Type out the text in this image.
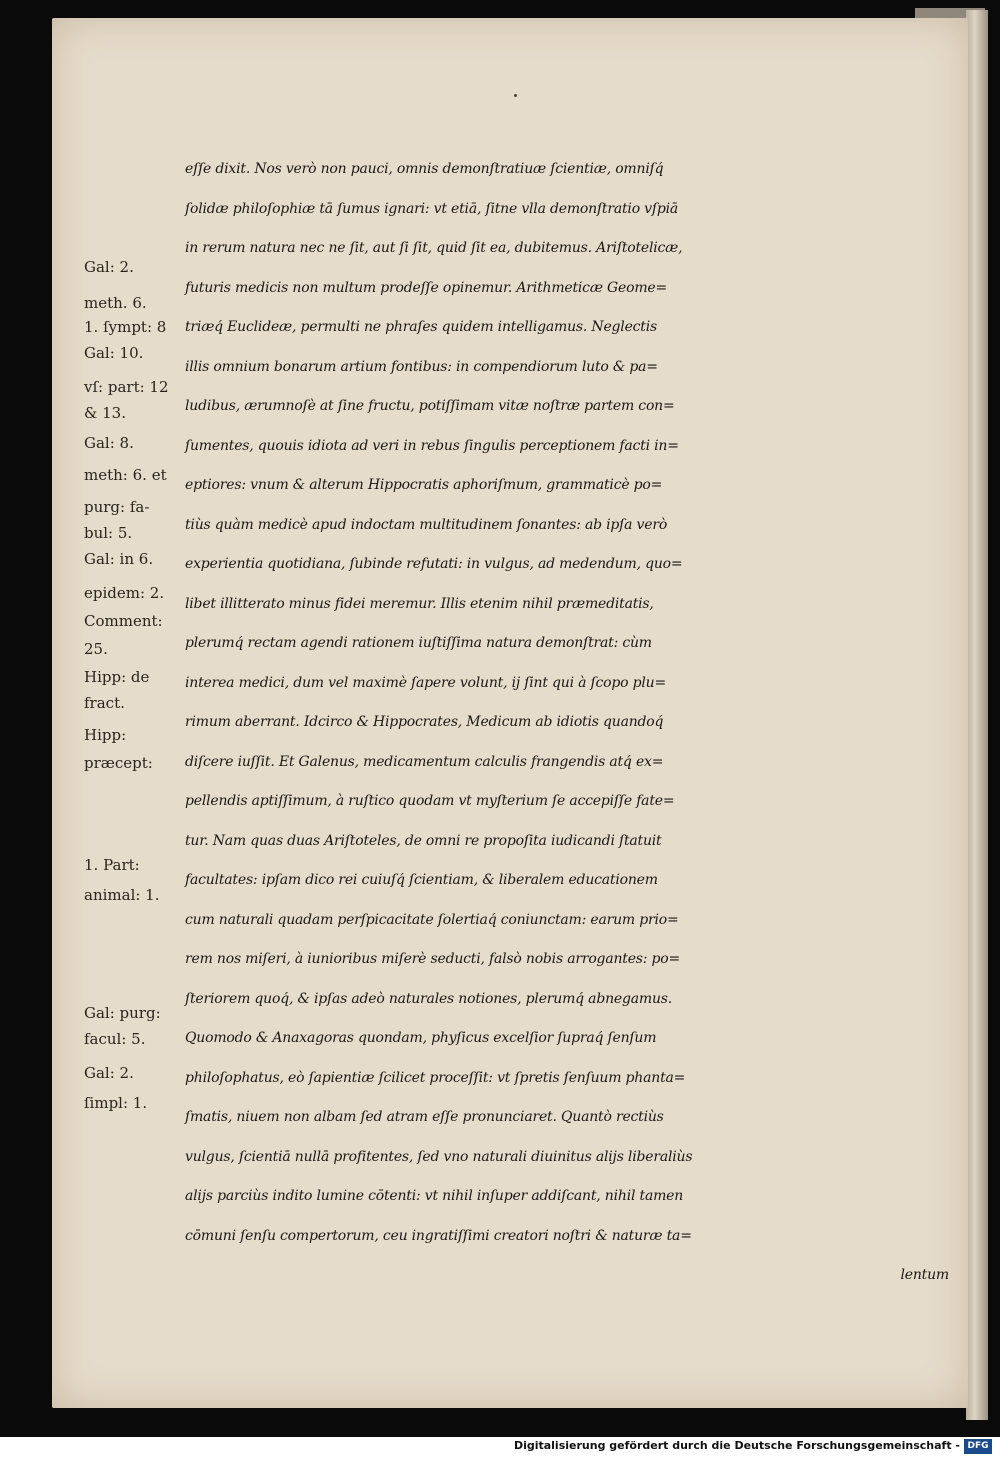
eſſe dixit. Nos verò non pauci, omnis demonſtratiuæ ſcientiæ, omniſq́
ſolidæ philoſophiæ tā ſumus ignari: vt etiā, ſitne vlla demonſtratio vſpiā
in rerum natura nec ne ſit, aut ſi ſit, quid ſit ea, dubitemus. Ariſtotelicæ,
futuris medicis non multum prodeſſe opinemur. Arithmeticæ Geome=
triæq́ Euclideæ, permulti ne phraſes quidem intelligamus. Neglectis
illis omnium bonarum artium fontibus: in compendiorum luto & pa=
ludibus, ærumnoſè at ſine fructu, potiſſimam vitæ noſtræ partem con=
ſumentes, quouis idiota ad veri in rebus ſingulis perceptionem facti in=
eptiores: vnum & alterum Hippocratis aphoriſmum, grammaticè po=
tiùs quàm medicè apud indoctam multitudinem ſonantes: ab ipſa verò
experientia quotidiana, ſubinde refutati: in vulgus, ad medendum, quo=
libet illitterato minus fidei meremur. Illis etenim nihil præmeditatis,
plerumq́ rectam agendi rationem iuſtiſſima natura demonſtrat: cùm
interea medici, dum vel maximè ſapere volunt, ij ſint qui à ſcopo plu=
rimum aberrant. Idcirco & Hippocrates, Medicum ab idiotis quandoq́
diſcere iuſſit. Et Galenus, medicamentum calculis frangendis atq́ ex=
pellendis aptiſſimum, à ruſtico quodam vt myſterium ſe accepiſſe fate=
tur. Nam quas duas Ariſtoteles, de omni re propoſita iudicandi ſtatuit
facultates: ipſam dico rei cuiuſq́ ſcientiam, & liberalem educationem
cum naturali quadam perſpicacitate ſolertiaq́ coniunctam: earum prio=
rem nos miſeri, à iunioribus miſerè seducti, falsò nobis arrogantes: po=
ſteriorem quoq́, & ipſas adeò naturales notiones, plerumq́ abnegamus.
Quomodo & Anaxagoras quondam, phyſicus excelſior ſupraq́ ſenſum
philoſophatus, eò ſapientiæ ſcilicet proceſſit: vt ſpretis ſenſuum phanta=
ſmatis, niuem non albam ſed atram eſſe pronunciaret. Quantò rectiùs
vulgus, ſcientiā nullā profitentes, ſed vno naturali diuinitus alijs liberaliùs
alijs parciùs indito lumine cōtenti: vt nihil inſuper addiſcant, nihil tamen
cōmuni ſenſu compertorum, ceu ingratiſſimi creatori noſtri & naturæ ta=
lentum
Gal: 2.
meth. 6.
1. ſympt: 8
Gal: 10.
vſ: part: 12
& 13.
Gal: 8.
meth: 6. et
purg: fa-
bul: 5.
Gal: in 6.
epidem: 2.
Comment:
25.
Hipp: de
fract.
Hipp:
præcept:
1. Part:
animal: 1.
Gal: purg:
facul: 5.
Gal: 2.
ſimpl: 1.
Digitalisierung gefördert durch die Deutsche Forschungsgemeinschaft - DFG
